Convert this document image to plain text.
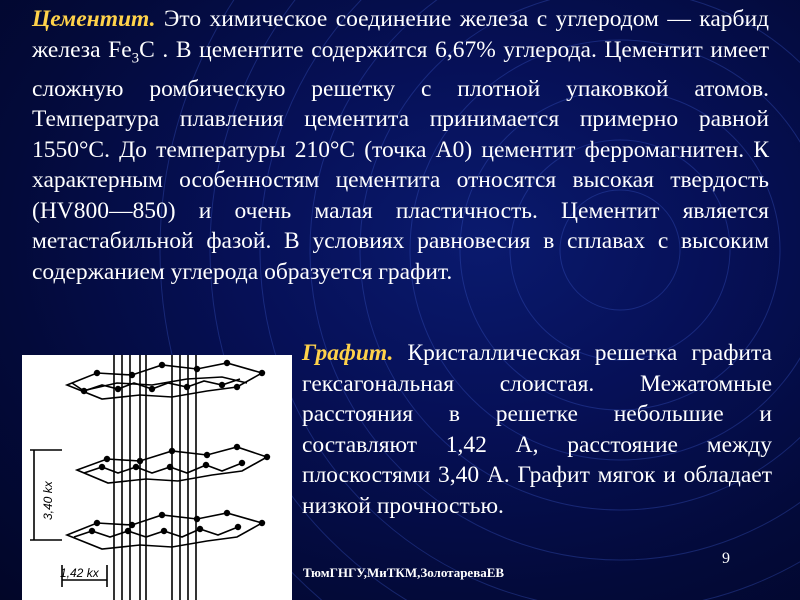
Цементит. Это химическое соединение железа с углеродом — карбид железа $Fe_3C$ . В цементите содержится 6,67% углерода. Цементит имеет сложную ромбическую решетку с плотной упаковкой атомов. Температура плавления цементита принимается примерно равной 1550°С. До температуры 210°С (точка А0) цементит ферромагнитен. К характерным особенностям цементита относятся высокая твердость (HV800—850) и очень малая пластичность. Цементит является метастабильной фазой. В условиях равновесия в сплавах с высоким содержанием углерода образуется графит.

3,40 kx
1,42 kx

Графит. Кристаллическая решетка графита гексагональная слоистая. Межатомные расстояния в решетке небольшие и составляют 1,42 А, расстояние между плоскостями 3,40 А. Графит мягок и обладает низкой прочностью.

9
ТюмГНГУ,МиТКМ,ЗолотареваЕВ
